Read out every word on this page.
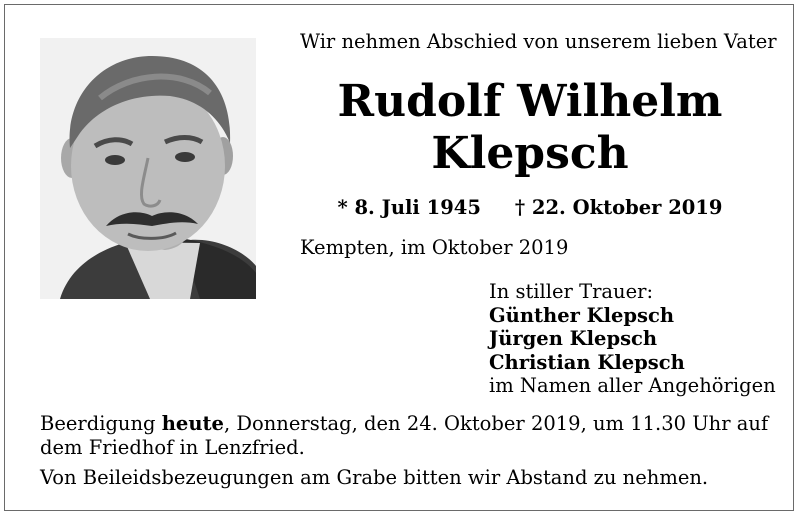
Wir nehmen Abschied von unserem lieben Vater
Rudolf Wilhelm
Klepsch
* 8. Juli 1945 † 22. Oktober 2019
Kempten, im Oktober 2019
In stiller Trauer:
Günther Klepsch
Jürgen Klepsch
Christian Klepsch
im Namen aller Angehörigen
Beerdigung heute, Donnerstag, den 24. Oktober 2019, um 11.30 Uhr auf dem Friedhof in Lenzfried.
Von Beileidsbezeugungen am Grabe bitten wir Abstand zu nehmen.
